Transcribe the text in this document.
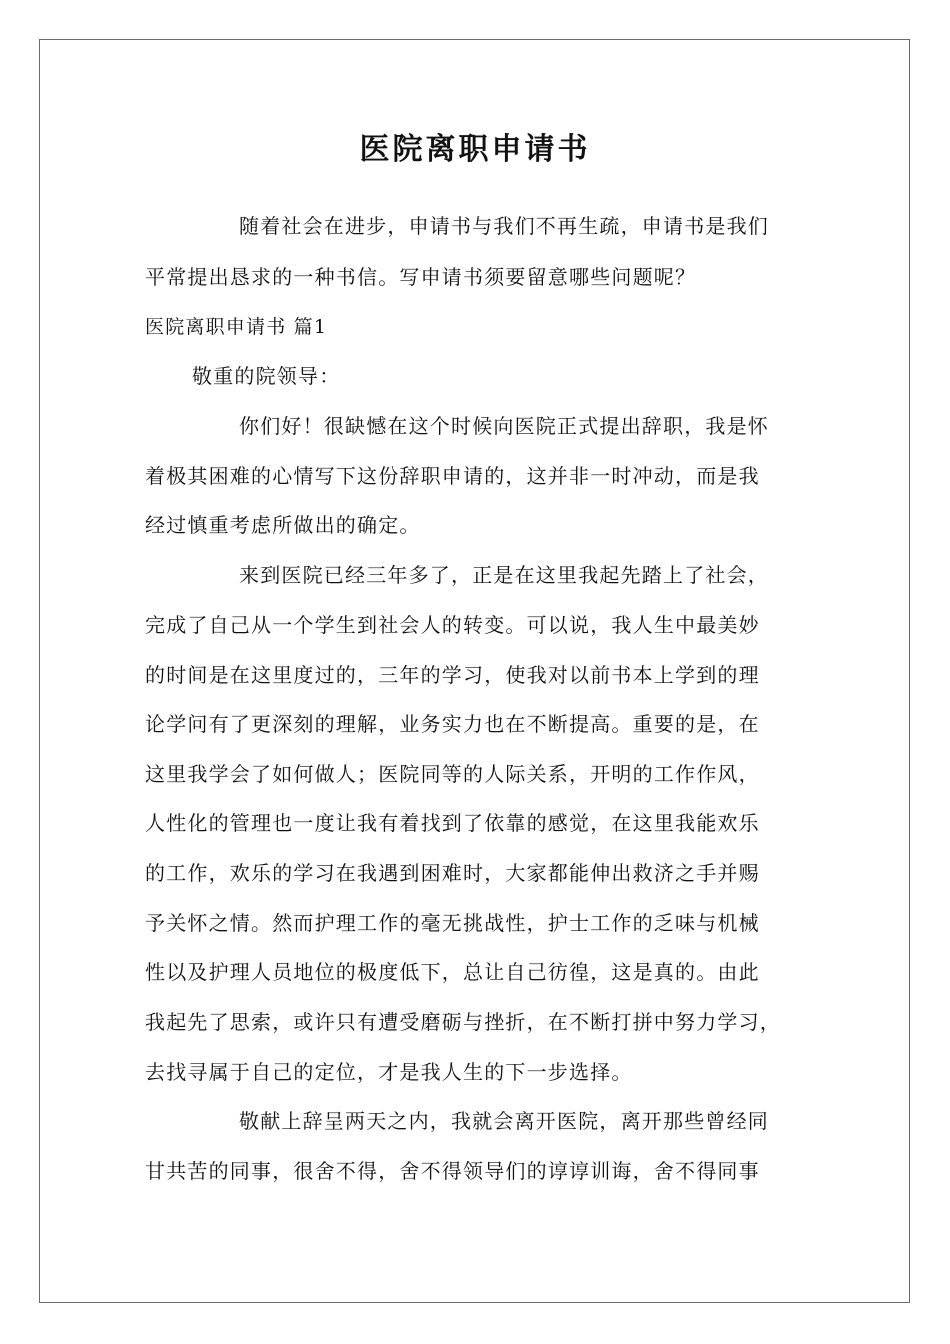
医院离职申请书

随着社会在进步，申请书与我们不再生疏，申请书是我们

平常提出恳求的一种书信。写申请书须要留意哪些问题呢？

医院离职申请书 篇1

敬重的院领导：

你们好！很缺憾在这个时候向医院正式提出辞职，我是怀

着极其困难的心情写下这份辞职申请的，这并非一时冲动，而是我

经过慎重考虑所做出的确定。

来到医院已经三年多了，正是在这里我起先踏上了社会，

完成了自己从一个学生到社会人的转变。可以说，我人生中最美妙

的时间是在这里度过的，三年的学习，使我对以前书本上学到的理

论学问有了更深刻的理解，业务实力也在不断提高。重要的是，在

这里我学会了如何做人；医院同等的人际关系，开明的工作作风，

人性化的管理也一度让我有着找到了依靠的感觉，在这里我能欢乐

的工作，欢乐的学习在我遇到困难时，大家都能伸出救济之手并赐

予关怀之情。然而护理工作的毫无挑战性，护士工作的乏味与机械

性以及护理人员地位的极度低下，总让自己彷徨，这是真的。由此

我起先了思索，或许只有遭受磨砺与挫折，在不断打拼中努力学习，

去找寻属于自己的定位，才是我人生的下一步选择。

敬献上辞呈两天之内，我就会离开医院，离开那些曾经同

甘共苦的同事，很舍不得，舍不得领导们的谆谆训诲，舍不得同事
